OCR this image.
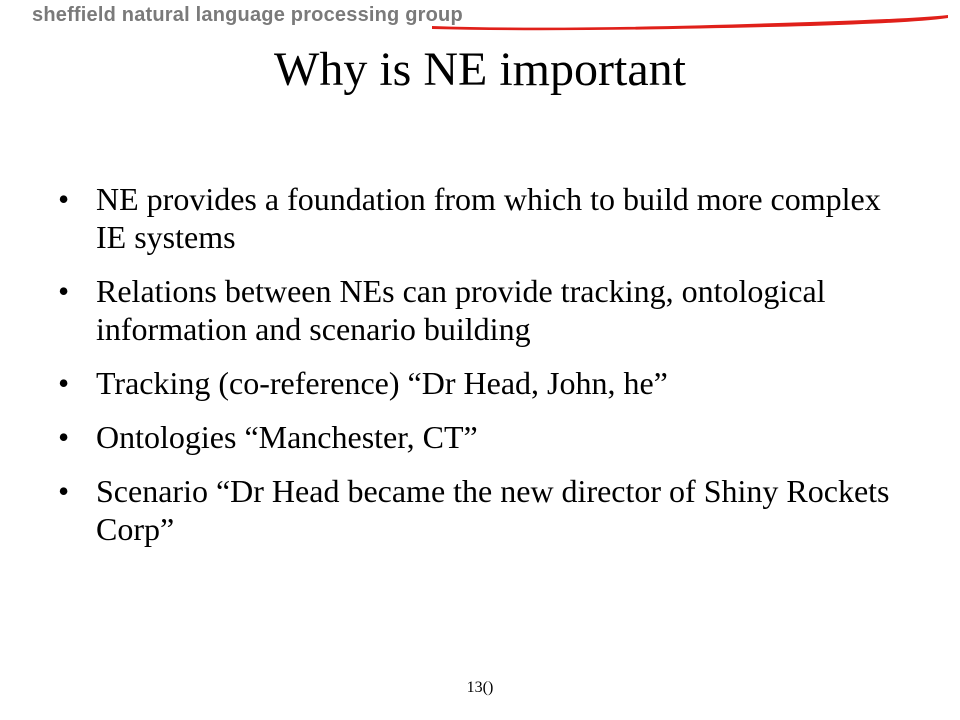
sheffield natural language processing group
Why is NE important
• NE provides a foundation from which to build more complex IE systems
• Relations between NEs can provide tracking, ontological information and scenario building
• Tracking (co-reference) “Dr Head, John, he”
• Ontologies “Manchester, CT”
• Scenario “Dr Head became the new director of Shiny Rockets Corp”
13()
